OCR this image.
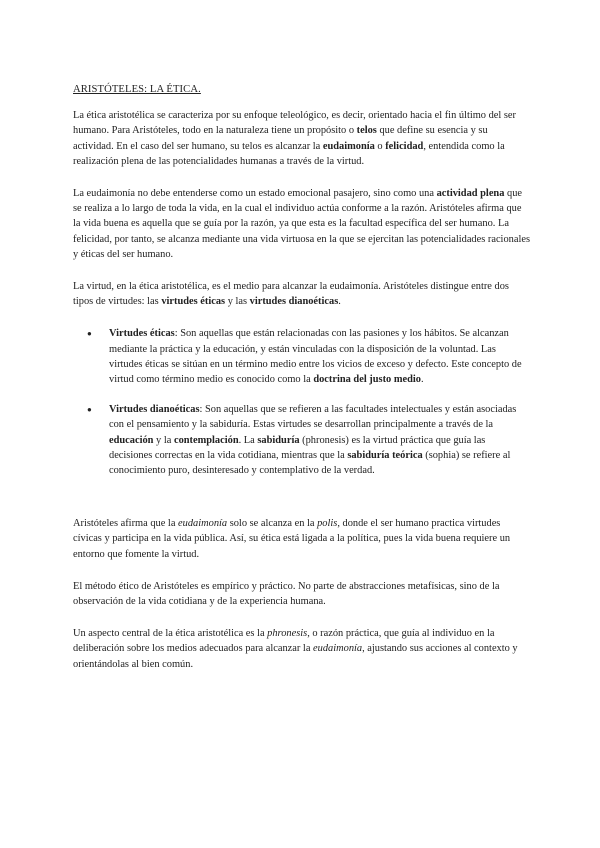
ARISTÓTELES: LA ÉTICA.

La ética aristotélica se caracteriza por su enfoque teleológico, es decir, orientado hacia el fin último del ser humano. Para Aristóteles, todo en la naturaleza tiene un propósito o telos que define su esencia y su actividad. En el caso del ser humano, su telos es alcanzar la eudaimonía o felicidad, entendida como la realización plena de las potencialidades humanas a través de la virtud.

La eudaimonía no debe entenderse como un estado emocional pasajero, sino como una actividad plena que se realiza a lo largo de toda la vida, en la cual el individuo actúa conforme a la razón. Aristóteles afirma que la vida buena es aquella que se guía por la razón, ya que esta es la facultad específica del ser humano. La felicidad, por tanto, se alcanza mediante una vida virtuosa en la que se ejercitan las potencialidades racionales y éticas del ser humano.

La virtud, en la ética aristotélica, es el medio para alcanzar la eudaimonía. Aristóteles distingue entre dos tipos de virtudes: las virtudes éticas y las virtudes dianoéticas.

● Virtudes éticas: Son aquellas que están relacionadas con las pasiones y los hábitos. Se alcanzan mediante la práctica y la educación, y están vinculadas con la disposición de la voluntad. Las virtudes éticas se sitúan en un término medio entre los vicios de exceso y defecto. Este concepto de virtud como término medio es conocido como la doctrina del justo medio.
● Virtudes dianoéticas: Son aquellas que se refieren a las facultades intelectuales y están asociadas con el pensamiento y la sabiduría. Estas virtudes se desarrollan principalmente a través de la educación y la contemplación. La sabiduría (phronesis) es la virtud práctica que guía las decisiones correctas en la vida cotidiana, mientras que la sabiduría teórica (sophia) se refiere al conocimiento puro, desinteresado y contemplativo de la verdad.

Aristóteles afirma que la eudaimonía solo se alcanza en la polis, donde el ser humano practica virtudes cívicas y participa en la vida pública. Así, su ética está ligada a la política, pues la vida buena requiere un entorno que fomente la virtud.

El método ético de Aristóteles es empírico y práctico. No parte de abstracciones metafísicas, sino de la observación de la vida cotidiana y de la experiencia humana.

Un aspecto central de la ética aristotélica es la phronesis, o razón práctica, que guía al individuo en la deliberación sobre los medios adecuados para alcanzar la eudaimonía, ajustando sus acciones al contexto y orientándolas al bien común.
